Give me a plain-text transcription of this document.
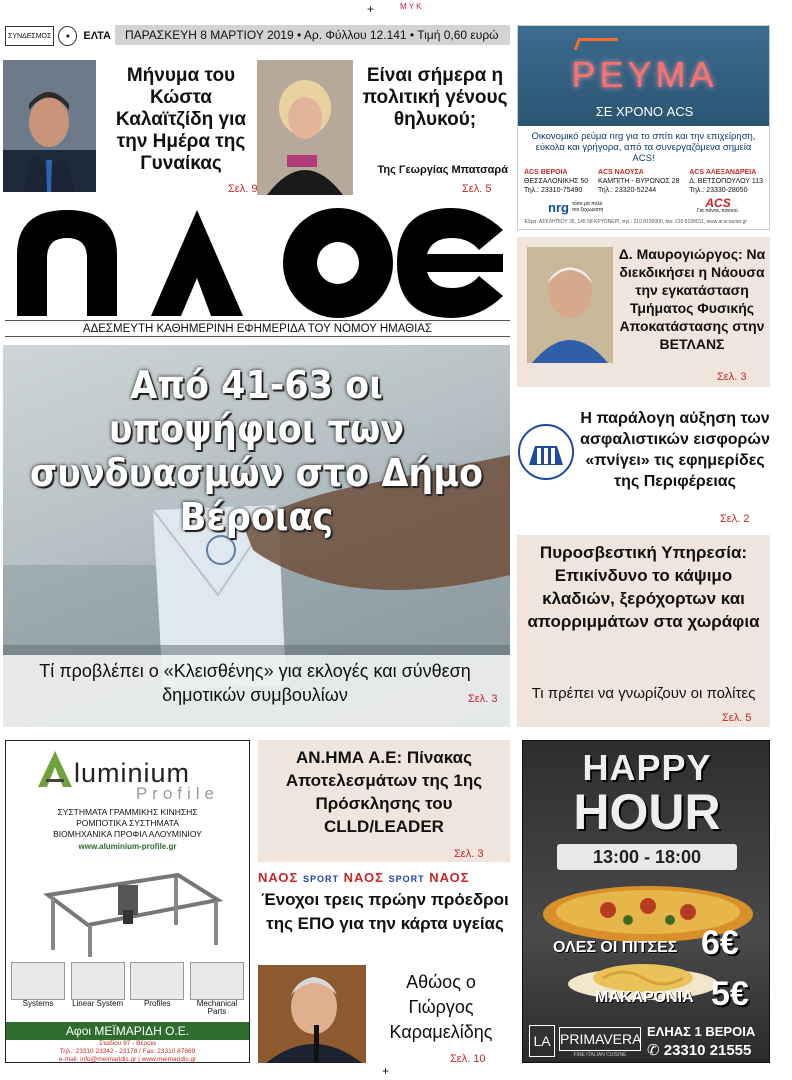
+	M Y K
ΣΥΝΔΕΣΜΟΣ	●	ΕΛΤΑ	ΠΑΡΑΣΚΕΥΗ 8 ΜΑΡΤΙΟΥ 2019 • Αρ. Φύλλου 12.141 • Τιμή 0,60 ευρώ
Μήνυμα του Κώστα Καλαϊτζίδη για την Ημέρα της Γυναίκας
Σελ. 9
Είναι σήμερα η πολιτική γένους θηλυκού;
Της Γεωργίας Μπατσαρά
Σελ. 5
ΡΕΥΜΑ
ΣΕ ΧΡΟΝΟ ACS
Οικονομικό ρεύμα nrg για το σπίτι και την επιχείρηση, εύκολα και γρήγορα, από τα συνεργαζόμενα σημεία ACS!
ACS ΒΕΡΟΙΑ
ΘΕΣΣΑΛΟΝΙΚΗΣ 50
Τηλ.: 23310-75490
ACS ΝΑΟΥΣΑ
ΚΑΜΠΙΤΗ - ΒΥΡΩΝΟΣ 28
Τηλ.: 23320-52244
ACS ΑΛΕΞΑΝΔΡΕΙΑ
Δ. ΒΕΤΣΟΠΟΥΛΟΥ 113
Τηλ.: 23330-28050
nrg τόσο μα πολύ πιο ξεχωριστή	ACS
Για πάντα, παντού.
Έδρα: ΑΣΚΛΗΠΙΟΥ 35, 145 68 ΚΡΥΟΝΕΡΙ, τηλ.: 210 8190000, fax: 210 8190011, www.acscourier.gr
ΑΔΕΣΜΕΥΤΗ ΚΑΘΗΜΕΡΙΝΗ ΕΦΗΜΕΡΙΔΑ ΤΟΥ ΝΟΜΟΥ ΗΜΑΘΙΑΣ
Δ. Μαυρογιώργος: Να διεκδικήσει η Νάουσα την εγκατάσταση Τμήματος Φυσικής Αποκατάστασης στην ΒΕΤΛΑΝΣ
Σελ. 3
Από 41-63 οι υποψήφιοι των συνδυασμών στο Δήμο Βέροιας
Τί προβλέπει ο «Κλεισθένης» για εκλογές και σύνθεση δημοτικών συμβουλίων	Σελ. 3
Η παράλογη αύξηση των ασφαλιστικών εισφορών «πνίγει» τις εφημερίδες της Περιφέρειας
Σελ. 2
Πυροσβεστική Υπηρεσία: Επικίνδυνο το κάψιμο κλαδιών, ξερόχορτων και απορριμμάτων στα χωράφια
Τι πρέπει να γνωρίζουν οι πολίτες
Σελ. 5
luminium
Profile
ΣΥΣΤΗΜΑΤΑ ΓΡΑΜΜΙΚΗΣ ΚΙΝΗΣΗΣ
ΡΟΜΠΟΤΙΚΑ ΣΥΣΤΗΜΑΤΑ
ΒΙΟΜΗΧΑΝΙΚΑ ΠΡΟΦΙΛ ΑΛΟΥΜΙΝΙΟΥ
www.aluminium-profile.gr
Systems	Linear System	Profiles	Mechanical Parts
Αφοι ΜΕΪΜΑΡΙΔΗ Ο.Ε.
Σταδίου 97 - Βέροια
Τηλ.: 23310 23342 - 23178 / Fax: 23310 87869
e-mail: info@meimaridis.gr | www.meimaridis.gr
ΑΝ.ΗΜΑ Α.Ε: Πίνακας Αποτελεσμάτων της 1ης Πρόσκλησης του CLLD/LEADER
Σελ. 3
ΝΑΟΣ SPORT ΝΑΟΣ SPORT ΝΑΟΣ
Ένοχοι τρεις πρώην πρόεδροι της ΕΠΟ για την κάρτα υγείας
Αθώος ο Γιώργος Καραμελίδης
Σελ. 10
HAPPY
HOUR
13:00 - 18:00
ΟΛΕΣ ΟΙ ΠΙΤΣΕΣ 6€
ΜΑΚΑΡΟΝΙΑ 5€
LA PRIMAVERA
FINE ITALIAN CUISINE
ΕΛΗΑΣ 1 ΒΕΡΟΙΑ
✆ 23310 21555
+
